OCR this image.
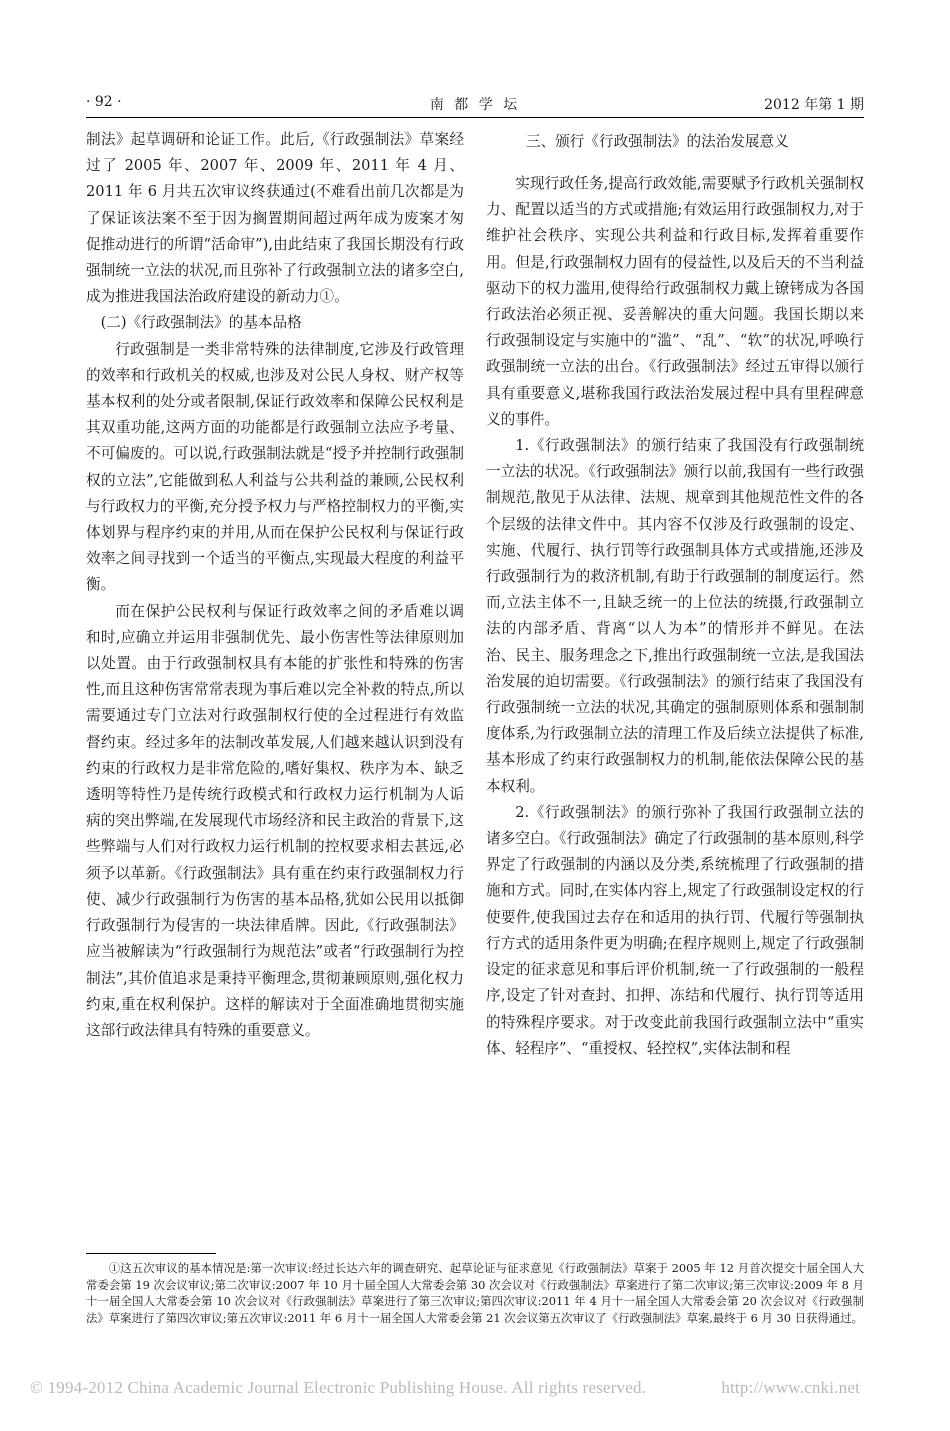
· 92 ·	南 都 学 坛	2012 年第 1 期

制法》起草调研和论证工作。此后,《行政强制法》草案经过了 2005 年、2007 年、2009 年、2011 年 4 月、2011 年 6 月共五次审议终获通过(不难看出前几次都是为了保证该法案不至于因为搁置期间超过两年成为废案才匆促推动进行的所谓“活命审”),由此结束了我国长期没有行政强制统一立法的状况,而且弥补了行政强制立法的诸多空白,成为推进我国法治政府建设的新动力①。

(二)《行政强制法》的基本品格

行政强制是一类非常特殊的法律制度,它涉及行政管理的效率和行政机关的权威,也涉及对公民人身权、财产权等基本权利的处分或者限制,保证行政效率和保障公民权利是其双重功能,这两方面的功能都是行政强制立法应予考量、不可偏废的。可以说,行政强制法就是“授予并控制行政强制权的立法”,它能做到私人利益与公共利益的兼顾,公民权利与行政权力的平衡,充分授予权力与严格控制权力的平衡,实体划界与程序约束的并用,从而在保护公民权利与保证行政效率之间寻找到一个适当的平衡点,实现最大程度的利益平衡。

而在保护公民权利与保证行政效率之间的矛盾难以调和时,应确立并运用非强制优先、最小伤害性等法律原则加以处置。由于行政强制权具有本能的扩张性和特殊的伤害性,而且这种伤害常常表现为事后难以完全补救的特点,所以需要通过专门立法对行政强制权行使的全过程进行有效监督约束。经过多年的法制改革发展,人们越来越认识到没有约束的行政权力是非常危险的,嗜好集权、秩序为本、缺乏透明等特性乃是传统行政模式和行政权力运行机制为人诟病的突出弊端,在发展现代市场经济和民主政治的背景下,这些弊端与人们对行政权力运行机制的控权要求相去甚远,必须予以革新。《行政强制法》具有重在约束行政强制权力行使、减少行政强制行为伤害的基本品格,犹如公民用以抵御行政强制行为侵害的一块法律盾牌。因此,《行政强制法》应当被解读为“行政强制行为规范法”或者“行政强制行为控制法”,其价值追求是秉持平衡理念,贯彻兼顾原则,强化权力约束,重在权利保护。这样的解读对于全面准确地贯彻实施这部行政法律具有特殊的重要意义。

三、颁行《行政强制法》的法治发展意义

实现行政任务,提高行政效能,需要赋予行政机关强制权力、配置以适当的方式或措施;有效运用行政强制权力,对于维护社会秩序、实现公共利益和行政目标,发挥着重要作用。但是,行政强制权力固有的侵益性,以及后天的不当利益驱动下的权力滥用,使得给行政强制权力戴上镣铐成为各国行政法治必须正视、妥善解决的重大问题。我国长期以来行政强制设定与实施中的“滥”、“乱”、“软”的状况,呼唤行政强制统一立法的出台。《行政强制法》经过五审得以颁行具有重要意义,堪称我国行政法治发展过程中具有里程碑意义的事件。

1.《行政强制法》的颁行结束了我国没有行政强制统一立法的状况。《行政强制法》颁行以前,我国有一些行政强制规范,散见于从法律、法规、规章到其他规范性文件的各个层级的法律文件中。其内容不仅涉及行政强制的设定、实施、代履行、执行罚等行政强制具体方式或措施,还涉及行政强制行为的救济机制,有助于行政强制的制度运行。然而,立法主体不一,且缺乏统一的上位法的统摄,行政强制立法的内部矛盾、背离“以人为本”的情形并不鲜见。在法治、民主、服务理念之下,推出行政强制统一立法,是我国法治发展的迫切需要。《行政强制法》的颁行结束了我国没有行政强制统一立法的状况,其确定的强制原则体系和强制制度体系,为行政强制立法的清理工作及后续立法提供了标准,基本形成了约束行政强制权力的机制,能依法保障公民的基本权利。

2.《行政强制法》的颁行弥补了我国行政强制立法的诸多空白。《行政强制法》确定了行政强制的基本原则,科学界定了行政强制的内涵以及分类,系统梳理了行政强制的措施和方式。同时,在实体内容上,规定了行政强制设定权的行使要件,使我国过去存在和适用的执行罚、代履行等强制执行方式的适用条件更为明确;在程序规则上,规定了行政强制设定的征求意见和事后评价机制,统一了行政强制的一般程序,设定了针对查封、扣押、冻结和代履行、执行罚等适用的特殊程序要求。对于改变此前我国行政强制立法中“重实体、轻程序”、“重授权、轻控权”,实体法制和程

①这五次审议的基本情况是:第一次审议:经过长达六年的调查研究、起草论证与征求意见《行政强制法》草案于 2005 年 12 月首次提交十届全国人大常委会第 19 次会议审议;第二次审议:2007 年 10 月十届全国人大常委会第 30 次会议对《行政强制法》草案进行了第二次审议;第三次审议:2009 年 8 月十一届全国人大常委会第 10 次会议对《行政强制法》草案进行了第三次审议;第四次审议:2011 年 4 月十一届全国人大常委会第 20 次会议对《行政强制法》草案进行了第四次审议;第五次审议:2011 年 6 月十一届全国人大常委会第 21 次会议第五次审议了《行政强制法》草案,最终于 6 月 30 日获得通过。

© 1994-2012 China Academic Journal Electronic Publishing House. All rights reserved.	http://www.cnki.net
